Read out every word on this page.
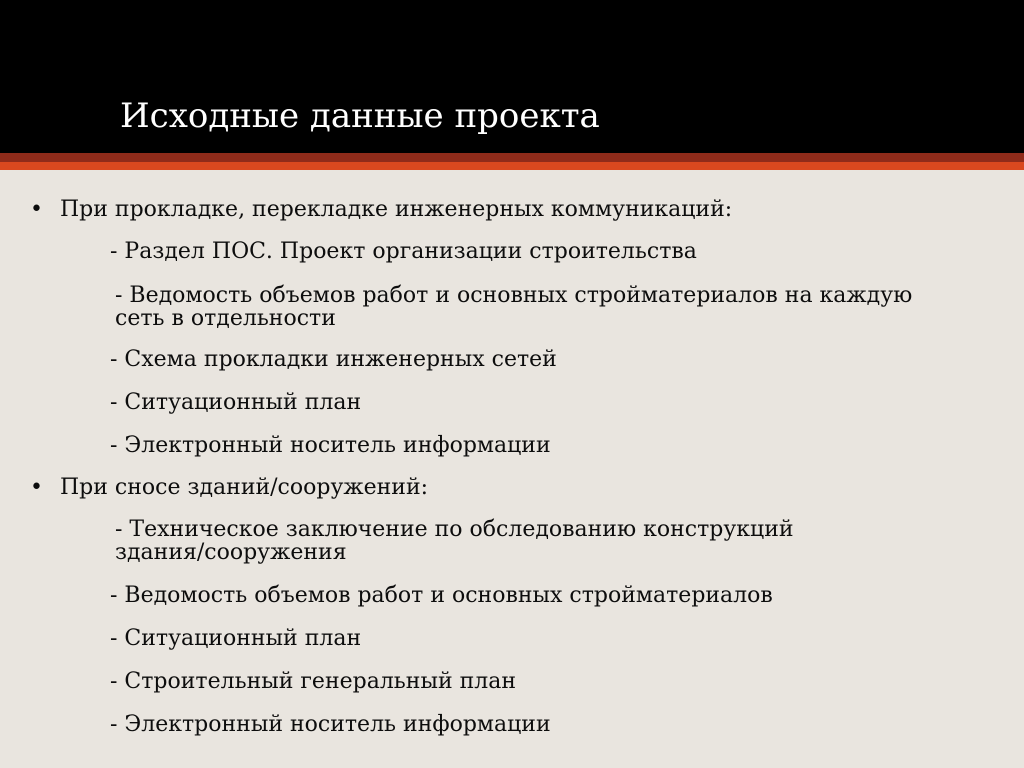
Исходные данные проекта
• При прокладке, перекладке инженерных коммуникаций:

- Раздел ПОС. Проект организации строительства

- Ведомость объемов работ и основных стройматериалов на каждую

сеть в отдельности

- Схема прокладки инженерных сетей

- Ситуационный план

- Электронный носитель информации

• При сносе зданий/сооружений:

- Техническое заключение по обследованию конструкций

здания/сооружения

- Ведомость объемов работ и основных стройматериалов

- Ситуационный план

- Строительный генеральный план

- Электронный носитель информации
